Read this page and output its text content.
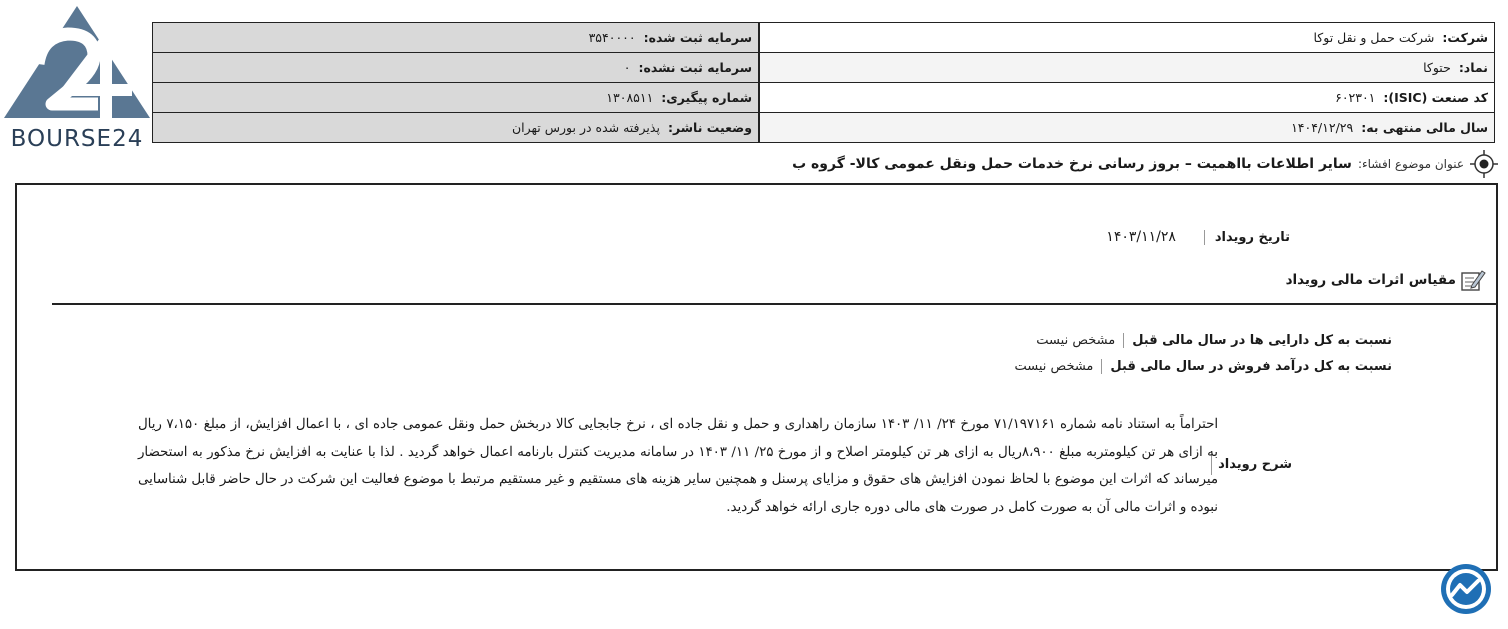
BOURSE24
شرکت:
شرکت حمل و نقل توکا
سرمایه ثبت شده:
۳۵۴۰۰۰۰
نماد:
حتوکا
سرمایه ثبت نشده:
۰
کد صنعت (ISIC):
۶۰۲۳۰۱
شماره پیگیری:
۱۳۰۸۵۱۱
سال مالی منتهی به:
۱۴۰۴/۱۲/۲۹
وضعیت ناشر:
پذیرفته شده در بورس تهران
عنوان موضوع افشاء:
سایر اطلاعات بااهمیت – بروز رسانی نرخ خدمات حمل ونقل عمومی کالا- گروه ب
تاریخ رویداد
۱۴۰۳/۱۱/۲۸
مقیاس اثرات مالی رویداد
نسبت به کل دارایی ها در سال مالی قبل
مشخص نیست
نسبت به کل درآمد فروش در سال مالی قبل
مشخص نیست
شرح رویداد
احتراماً به استناد نامه شماره ۷۱/۱۹۷۱۶۱ مورخ ۲۴/ ۱۱/ ۱۴۰۳ سازمان راهداری و حمل و نقل جاده ای ، نرخ جابجایی کالا دربخش حمل ونقل عمومی جاده ای ، با اعمال افزایش، از مبلغ ۷،۱۵۰ ریال به ازای هر تن کیلومتربه مبلغ ۸،۹۰۰ریال به ازای هر تن کیلومتر اصلاح و از مورخ ۲۵/ ۱۱/ ۱۴۰۳ در سامانه مدیریت کنترل بارنامه اعمال خواهد گردید . لذا با عنایت به افزایش نرخ مذکور به استحضار میرساند که اثرات این موضوع با لحاظ نمودن افزایش های حقوق و مزایای پرسنل و همچنین سایر هزینه های مستقیم و غیر مستقیم مرتبط با موضوع فعالیت این شرکت در حال حاضر قابل شناسایی نبوده و اثرات مالی آن به صورت کامل در صورت های مالی دوره جاری ارائه خواهد گردید.
